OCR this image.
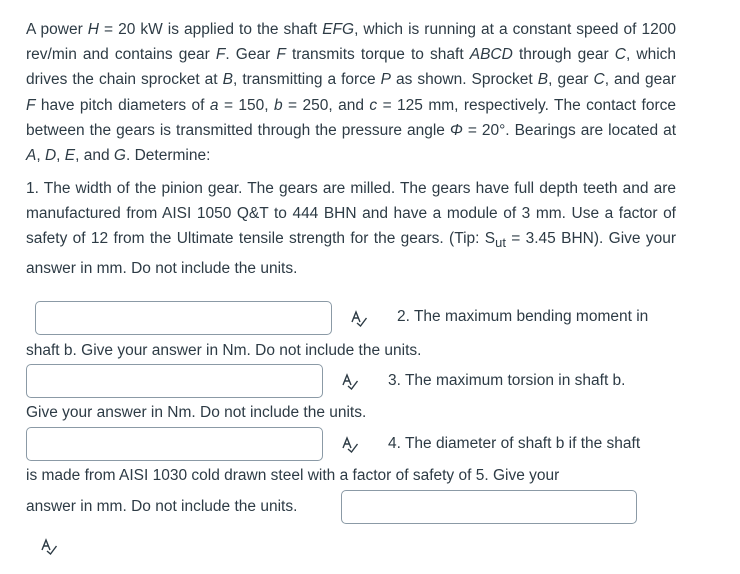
A power H = 20 kW is applied to the shaft EFG, which is running at a constant speed of 1200 rev/min and contains gear F. Gear F transmits torque to shaft ABCD through gear C, which drives the chain sprocket at B, transmitting a force P as shown. Sprocket B, gear C, and gear F have pitch diameters of a = 150, b = 250, and c = 125 mm, respectively. The contact force between the gears is transmitted through the pressure angle Φ = 20°. Bearings are located at A, D, E, and G. Determine:

1. The width of the pinion gear. The gears are milled. The gears have full depth teeth and are manufactured from AISI 1050 Q&T to 444 BHN and have a module of 3 mm. Use a factor of safety of 12 from the Ultimate tensile strength for the gears. (Tip: $S_{ut} = 3.45$ BHN). Give your answer in mm. Do not include the units.

2. The maximum bending moment in
shaft b. Give your answer in Nm. Do not include the units.
3. The maximum torsion in shaft b.
Give your answer in Nm. Do not include the units.
4. The diameter of shaft b if the shaft
is made from AISI 1030 cold drawn steel with a factor of safety of 5. Give your
answer in mm. Do not include the units.
